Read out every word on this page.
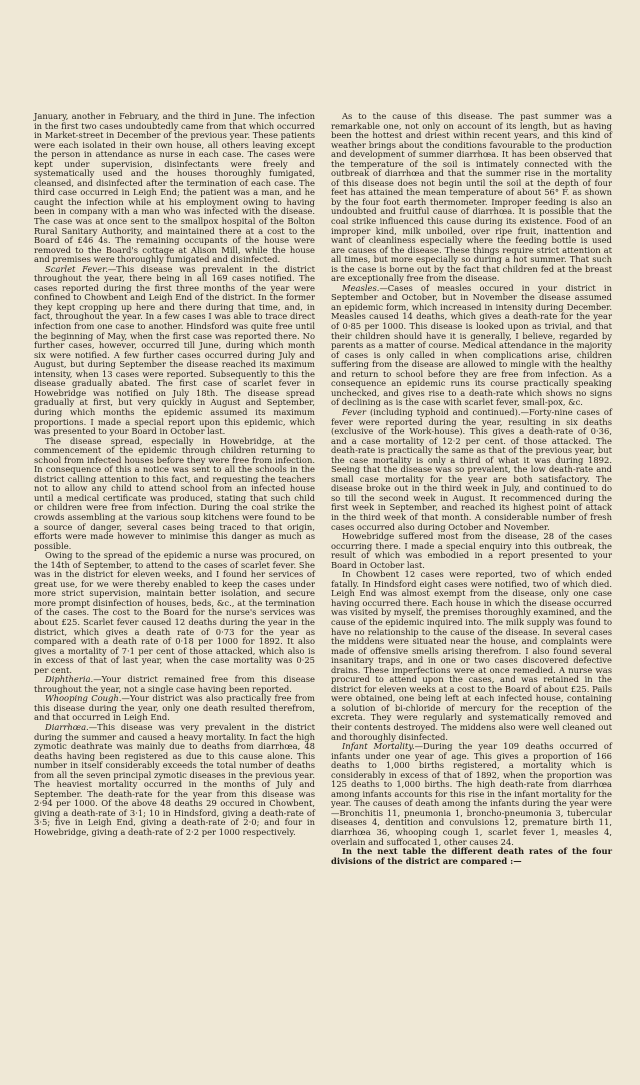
January, another in February, and the third in June. The infection in the first two cases undoubtedly came from that which occurred in Market-street in December of the previous year. These patients were each isolated in their own house, all others leaving except the person in attendance as nurse in each case. The cases were kept under supervision, disinfectants were freely and systematically used and the houses thoroughly fumigated, cleansed, and disinfected after the termination of each case. The third case occurred in Leigh End; the patient was a man, and he caught the infection while at his employment owing to having been in company with a man who was infected with the disease. The case was at once sent to the smallpox hospital of the Bolton Rural Sanitary Authority, and maintained there at a cost to the Board of £46 4s. The remaining occupants of the house were removed to the Board's cottage at Alison Mill, while the house and premises were thoroughly fumigated and disinfected.

Scarlet Fever.—This disease was prevalent in the district throughout the year, there being in all 169 cases notified. The cases reported during the first three months of the year were confined to Chowbent and Leigh End of the district. In the former they kept cropping up here and there during that time, and, in fact, throughout the year. In a few cases I was able to trace direct infection from one case to another. Hindsford was quite free until the beginning of May, when the first case was reported there. No further cases, however, occurred till June, during which month six were notified. A few further cases occurred during July and August, but during September the disease reached its maximum intensity, when 13 cases were reported. Subsequently to this the disease gradually abated. The first case of scarlet fever in Howebridge was notified on July 18th. The disease spread gradually at first, but very quickly in August and September, during which months the epidemic assumed its maximum proportions. I made a special report upon this epidemic, which was presented to your Board in October last.

The disease spread, especially in Howebridge, at the commencement of the epidemic through children returning to school from infected houses before they were free from infection. In consequence of this a notice was sent to all the schools in the district calling attention to this fact, and requesting the teachers not to allow any child to attend school from an infected house until a medical certificate was produced, stating that such child or children were free from infection. During the coal strike the crowds assembling at the various soup kitchens were found to be a source of danger, several cases being traced to that origin, efforts were made however to minimise this danger as much as possible.

Owing to the spread of the epidemic a nurse was procured, on the 14th of September, to attend to the cases of scarlet fever. She was in the district for eleven weeks, and I found her services of great use, for we were thereby enabled to keep the cases under more strict supervision, maintain better isolation, and secure more prompt disinfection of houses, beds, &c., at the termination of the cases. The cost to the Board for the nurse's services was about £25. Scarlet fever caused 12 deaths during the year in the district, which gives a death rate of 0·73 for the year as compared with a death rate of 0·18 per 1000 for 1892. It also gives a mortality of 7·1 per cent of those attacked, which also is in excess of that of last year, when the case mortality was 0·25 per cent.

Diphtheria.—Your district remained free from this disease throughout the year, not a single case having been reported.

Whooping Cough.—Your district was also practically free from this disease during the year, only one death resulted therefrom, and that occurred in Leigh End.

Diarrhœa.—This disease was very prevalent in the district during the summer and caused a heavy mortality. In fact the high zymotic deathrate was mainly due to deaths from diarrhœa, 48 deaths having been registered as due to this cause alone. This number in itself considerably exceeds the total number of deaths from all the seven principal zymotic diseases in the previous year. The heaviest mortality occurred in the months of July and September. The death-rate for the year from this disease was 2·94 per 1000. Of the above 48 deaths 29 occured in Chowbent, giving a death-rate of 3·1; 10 in Hindsford, giving a death-rate of 3·5; five in Leigh End, giving a death-rate of 2·0; and four in Howebridge, giving a death-rate of 2·2 per 1000 respectively.

As to the cause of this disease. The past summer was a remarkable one, not only on account of its length, but as having been the hottest and driest within recent years, and this kind of weather brings about the conditions favourable to the production and development of summer diarrhœa. It has been observed that the temperature of the soil is intimately connected with the outbreak of diarrhœa and that the summer rise in the mortality of this disease does not begin until the soil at the depth of four feet has attained the mean temperature of about 56° F. as shown by the four foot earth thermometer. Improper feeding is also an undoubted and fruitful cause of diarrhœa. It is possible that the coal strike influenced this cause during its existence. Food of an improper kind, milk unboiled, over ripe fruit, inattention and want of cleanliness especially where the feeding bottle is used are causes of the disease. These things require strict attention at all times, but more especially so during a hot summer. That such is the case is borne out by the fact that children fed at the breast are exceptionally free from the disease.

Measles.—Cases of measles occured in your district in September and October, but in November the disease assumed an epidemic form, which increased in intensity during December. Measles caused 14 deaths, which gives a death-rate for the year of 0·85 per 1000. This disease is looked upon as trivial, and that their children should have it is generally, I believe, regarded by parents as a matter of course. Medical attendance in the majority of cases is only called in when complications arise, children suffering from the disease are allowed to mingle with the healthy and return to school before they are free from infection. As a consequence an epidemic runs its course practically speaking unchecked, and gives rise to a death-rate which shows no signs of declining as is the case with scarlet fever, small-pox, &c.

Fever (including typhoid and continued).—Forty-nine cases of fever were reported during the year, resulting in six deaths (exclusive of the Work-house). This gives a death-rate of 0·36, and a case mortality of 12·2 per cent. of those attacked. The death-rate is practically the same as that of the previous year, but the case mortality is only a third of what it was during 1892. Seeing that the disease was so prevalent, the low death-rate and small case mortality for the year are both satisfactory. The disease broke out in the third week in July, and continued to do so till the second week in August. It recommenced during the first week in September, and reached its highest point of attack in the third week of that month. A considerable number of fresh cases occurred also during October and November.

Howebridge suffered most from the disease, 28 of the cases occurring there. I made a special enquiry into this outbreak, the result of which was embodied in a report presented to your Board in October last.

In Chowbent 12 cases were reported, two of which ended fatally. In Hindsford eight cases were notified, two of which died. Leigh End was almost exempt from the disease, only one case having occurred there. Each house in which the disease occurred was visited by myself, the premises thoroughly examined, and the cause of the epidemic inquired into. The milk supply was found to have no relationship to the cause of the disease. In several cases the middens were situated near the house, and complaints were made of offensive smells arising therefrom. I also found several insanitary traps, and in one or two cases discovered defective drains. These imperfections were at once remedied. A nurse was procured to attend upon the cases, and was retained in the district for eleven weeks at a cost to the Board of about £25. Pails were obtained, one being left at each infected house, containing a solution of bi-chloride of mercury for the reception of the excreta. They were regularly and systematically removed and their contents destroyed. The middens also were well cleaned out and thoroughly disinfected.

Infant Mortality.—During the year 109 deaths occurred of infants under one year of age. This gives a proportion of 166 deaths to 1,000 births registered, a mortality which is considerably in excess of that of 1892, when the proportion was 125 deaths to 1,000 births. The high death-rate from diarrhœa among infants accounts for this rise in the infant mortality for the year. The causes of death among the infants during the year were—Bronchitis 11, pneumonia 1, broncho-pneumonia 3, tubercular diseases 4, dentition and convulsions 12, premature birth 11, diarrhœa 36, whooping cough 1, scarlet fever 1, measles 4, overlain and suffocated 1, other causes 24.

In the next table the different death rates of the four divisions of the district are compared :—
